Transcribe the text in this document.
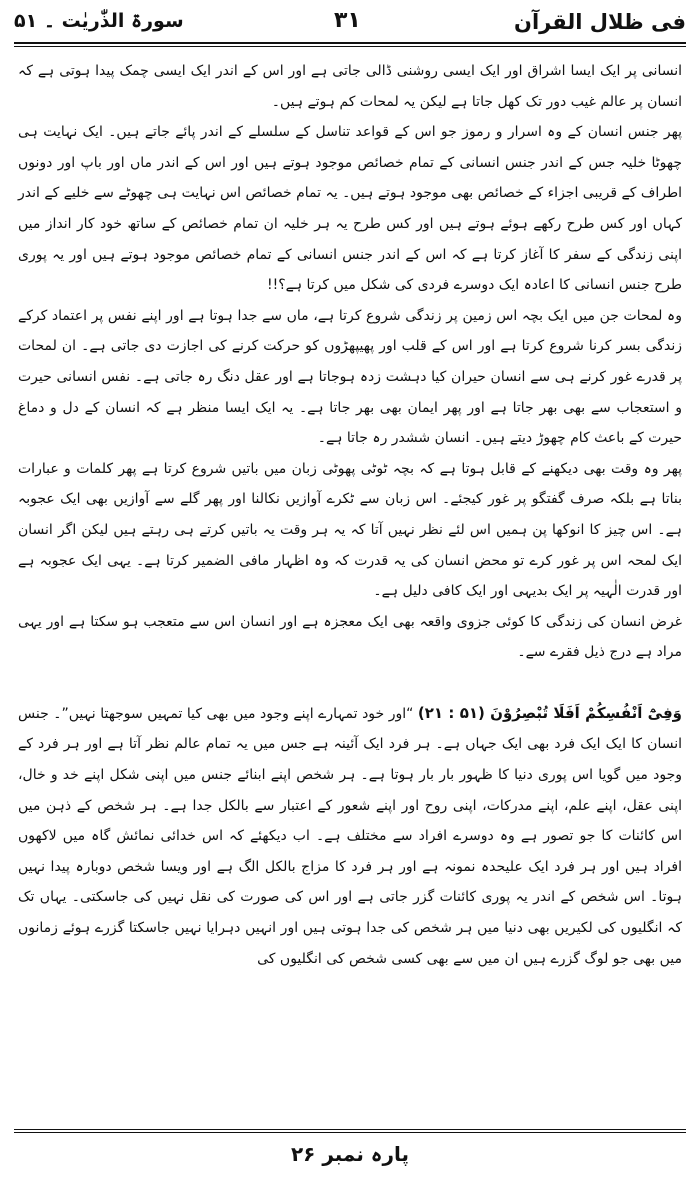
فی ظلال القرآن
۳۱
سورۃ الذّٰریٰت ۔ ۵۱

انسانی پر ایک ایسا اشراق اور ایک ایسی روشنی ڈالی جاتی ہے اور اس کے اندر ایک ایسی چمک پیدا ہوتی ہے کہ انسان پر عالم غیب دور تک کھل جاتا ہے لیکن یہ لمحات کم ہوتے ہیں۔

پھر جنس انسان کے وہ اسرار و رموز جو اس کے قواعد تناسل کے سلسلے کے اندر پائے جاتے ہیں۔ ایک نہایت ہی چھوٹا خلیہ جس کے اندر جنس انسانی کے تمام خصائص موجود ہوتے ہیں اور اس کے اندر ماں اور باپ اور دونوں اطراف کے قریبی اجزاء کے خصائص بھی موجود ہوتے ہیں۔ یہ تمام خصائص اس نہایت ہی چھوٹے سے خلیے کے اندر کہاں اور کس طرح رکھے ہوئے ہوتے ہیں اور کس طرح یہ ہر خلیہ ان تمام خصائص کے ساتھ خود کار انداز میں اپنی زندگی کے سفر کا آغاز کرتا ہے کہ اس کے اندر جنس انسانی کے تمام خصائص موجود ہوتے ہیں اور یہ پوری طرح جنس انسانی کا اعادہ ایک دوسرے فردی کی شکل میں کرتا ہے؟!!

وہ لمحات جن میں ایک بچہ اس زمین پر زندگی شروع کرتا ہے، ماں سے جدا ہوتا ہے اور اپنے نفس پر اعتماد کرکے زندگی بسر کرنا شروع کرتا ہے اور اس کے قلب اور پھیپھڑوں کو حرکت کرنے کی اجازت دی جاتی ہے۔ ان لمحات پر قدرے غور کرنے ہی سے انسان حیران کیا دہشت زدہ ہوجاتا ہے اور عقل دنگ رہ جاتی ہے۔ نفس انسانی حیرت و استعجاب سے بھی بھر جاتا ہے اور پھر ایمان بھی بھر جاتا ہے۔ یہ ایک ایسا منظر ہے کہ انسان کے دل و دماغ حیرت کے باعث کام چھوڑ دیتے ہیں۔ انسان ششدر رہ جاتا ہے۔

پھر وہ وقت بھی دیکھنے کے قابل ہوتا ہے کہ بچہ ٹوٹی پھوٹی زبان میں باتیں شروع کرتا ہے پھر کلمات و عبارات بناتا ہے بلکہ صرف گفتگو پر غور کیجئے۔ اس زبان سے ٹکرے آوازیں نکالنا اور پھر گلے سے آوازیں بھی ایک عجوبہ ہے۔ اس چیز کا انوکھا پن ہمیں اس لئے نظر نہیں آتا کہ یہ ہر وقت یہ باتیں کرتے ہی رہتے ہیں لیکن اگر انسان ایک لمحہ اس پر غور کرے تو محض انسان کی یہ قدرت کہ وہ اظہار مافی الضمیر کرتا ہے۔ یہی ایک عجوبہ ہے اور قدرت الٰہیہ پر ایک بدیہی اور ایک کافی دلیل ہے۔

غرض انسان کی زندگی کا کوئی جزوی واقعہ بھی ایک معجزہ ہے اور انسان اس سے متعجب ہو سکتا ہے اور یہی مراد ہے درج ذیل فقرے سے۔

وَفِیْٓ اَنْفُسِکُمْ اَفَلَا تُبْصِرُوْنَ (۵۱ : ۲۱) “اور خود تمہارے اپنے وجود میں بھی کیا تمہیں سوجھتا نہیں”۔ جنس انسان کا ایک ایک فرد بھی ایک جہاں ہے۔ ہر فرد ایک آئینہ ہے جس میں یہ تمام عالم نظر آتا ہے اور ہر فرد کے وجود میں گویا اس پوری دنیا کا ظہور بار بار ہوتا ہے۔ ہر شخص اپنے ابنائے جنس میں اپنی شکل اپنے خد و خال، اپنی عقل، اپنے علم، اپنے مدرکات، اپنی روح اور اپنے شعور کے اعتبار سے بالکل جدا ہے۔ ہر شخص کے ذہن میں اس کائنات کا جو تصور ہے وہ دوسرے افراد سے مختلف ہے۔ اب دیکھئے کہ اس خدائی نمائش گاہ میں لاکھوں افراد ہیں اور ہر فرد ایک علیحدہ نمونہ ہے اور ہر فرد کا مزاج بالکل الگ ہے اور ویسا شخص دوبارہ پیدا نہیں ہوتا۔ اس شخص کے اندر یہ پوری کائنات گزر جاتی ہے اور اس کی صورت کی نقل نہیں کی جاسکتی۔ یہاں تک کہ انگلیوں کی لکیریں بھی دنیا میں ہر شخص کی جدا ہوتی ہیں اور انہیں دہرایا نہیں جاسکتا گزرے ہوئے زمانوں میں بھی جو لوگ گزرے ہیں ان میں سے بھی کسی شخص کی انگلیوں کی

پارہ نمبر ۲۶
